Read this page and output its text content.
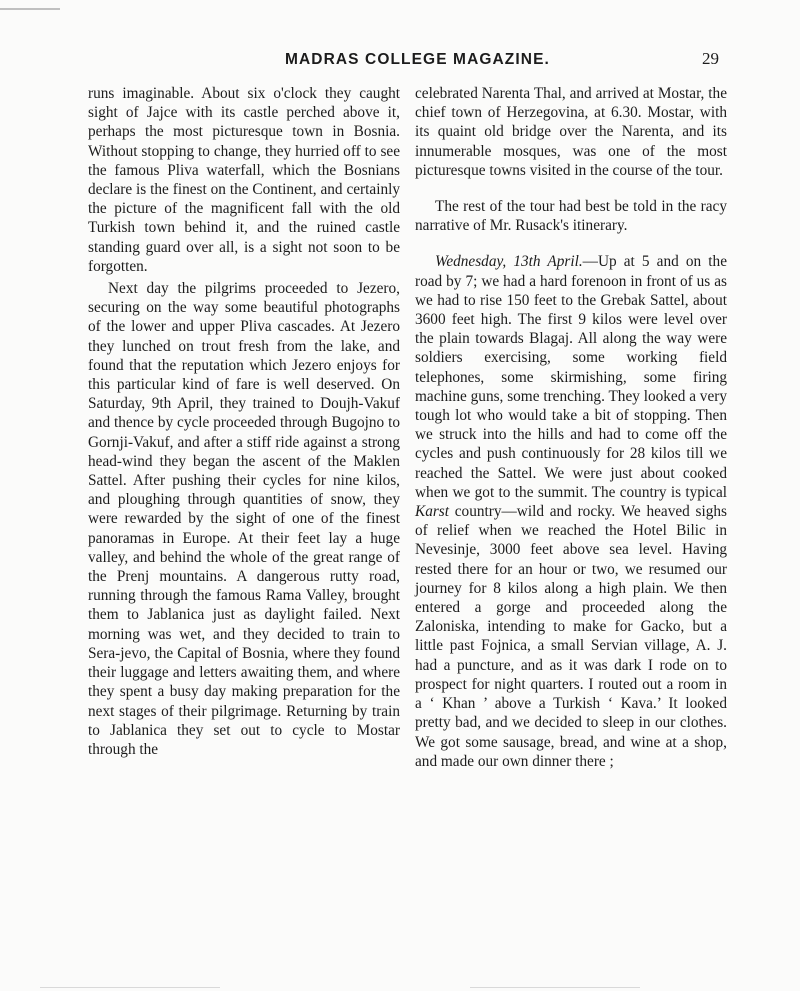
MADRAS COLLEGE MAGAZINE.	29

runs imaginable. About six o'clock they caught sight of Jajce with its castle perched above it, perhaps the most picturesque town in Bosnia. Without stopping to change, they hurried off to see the famous Pliva waterfall, which the Bosnians declare is the finest on the Continent, and certainly the picture of the magnificent fall with the old Turkish town behind it, and the ruined castle standing guard over all, is a sight not soon to be forgotten.

Next day the pilgrims proceeded to Jezero, securing on the way some beautiful photographs of the lower and upper Pliva cascades. At Jezero they lunched on trout fresh from the lake, and found that the reputation which Jezero enjoys for this particular kind of fare is well deserved. On Saturday, 9th April, they trained to Doujh-Vakuf and thence by cycle proceeded through Bugojno to Gornji-Vakuf, and after a stiff ride against a strong head-wind they began the ascent of the Maklen Sattel. After pushing their cycles for nine kilos, and ploughing through quantities of snow, they were rewarded by the sight of one of the finest panoramas in Europe. At their feet lay a huge valley, and behind the whole of the great range of the Prenj mountains. A dangerous rutty road, running through the famous Rama Valley, brought them to Jablanica just as daylight failed. Next morning was wet, and they decided to train to Sera-jevo, the Capital of Bosnia, where they found their luggage and letters awaiting them, and where they spent a busy day making preparation for the next stages of their pilgrimage. Returning by train to Jablanica they set out to cycle to Mostar through the

celebrated Narenta Thal, and arrived at Mostar, the chief town of Herzegovina, at 6.30. Mostar, with its quaint old bridge over the Narenta, and its innumerable mosques, was one of the most picturesque towns visited in the course of the tour.

The rest of the tour had best be told in the racy narrative of Mr. Rusack's itinerary.

Wednesday, 13th April.—Up at 5 and on the road by 7; we had a hard forenoon in front of us as we had to rise 150 feet to the Grebak Sattel, about 3600 feet high. The first 9 kilos were level over the plain towards Blagaj. All along the way were soldiers exercising, some working field telephones, some skirmishing, some firing machine guns, some trenching. They looked a very tough lot who would take a bit of stopping. Then we struck into the hills and had to come off the cycles and push continuously for 28 kilos till we reached the Sattel. We were just about cooked when we got to the summit. The country is typical Karst country—wild and rocky. We heaved sighs of relief when we reached the Hotel Bilic in Nevesinje, 3000 feet above sea level. Having rested there for an hour or two, we resumed our journey for 8 kilos along a high plain. We then entered a gorge and proceeded along the Zaloniska, intending to make for Gacko, but a little past Fojnica, a small Servian village, A. J. had a puncture, and as it was dark I rode on to prospect for night quarters. I routed out a room in a ‘ Khan ’ above a Turkish ‘ Kava.’ It looked pretty bad, and we decided to sleep in our clothes. We got some sausage, bread, and wine at a shop, and made our own dinner there ;
